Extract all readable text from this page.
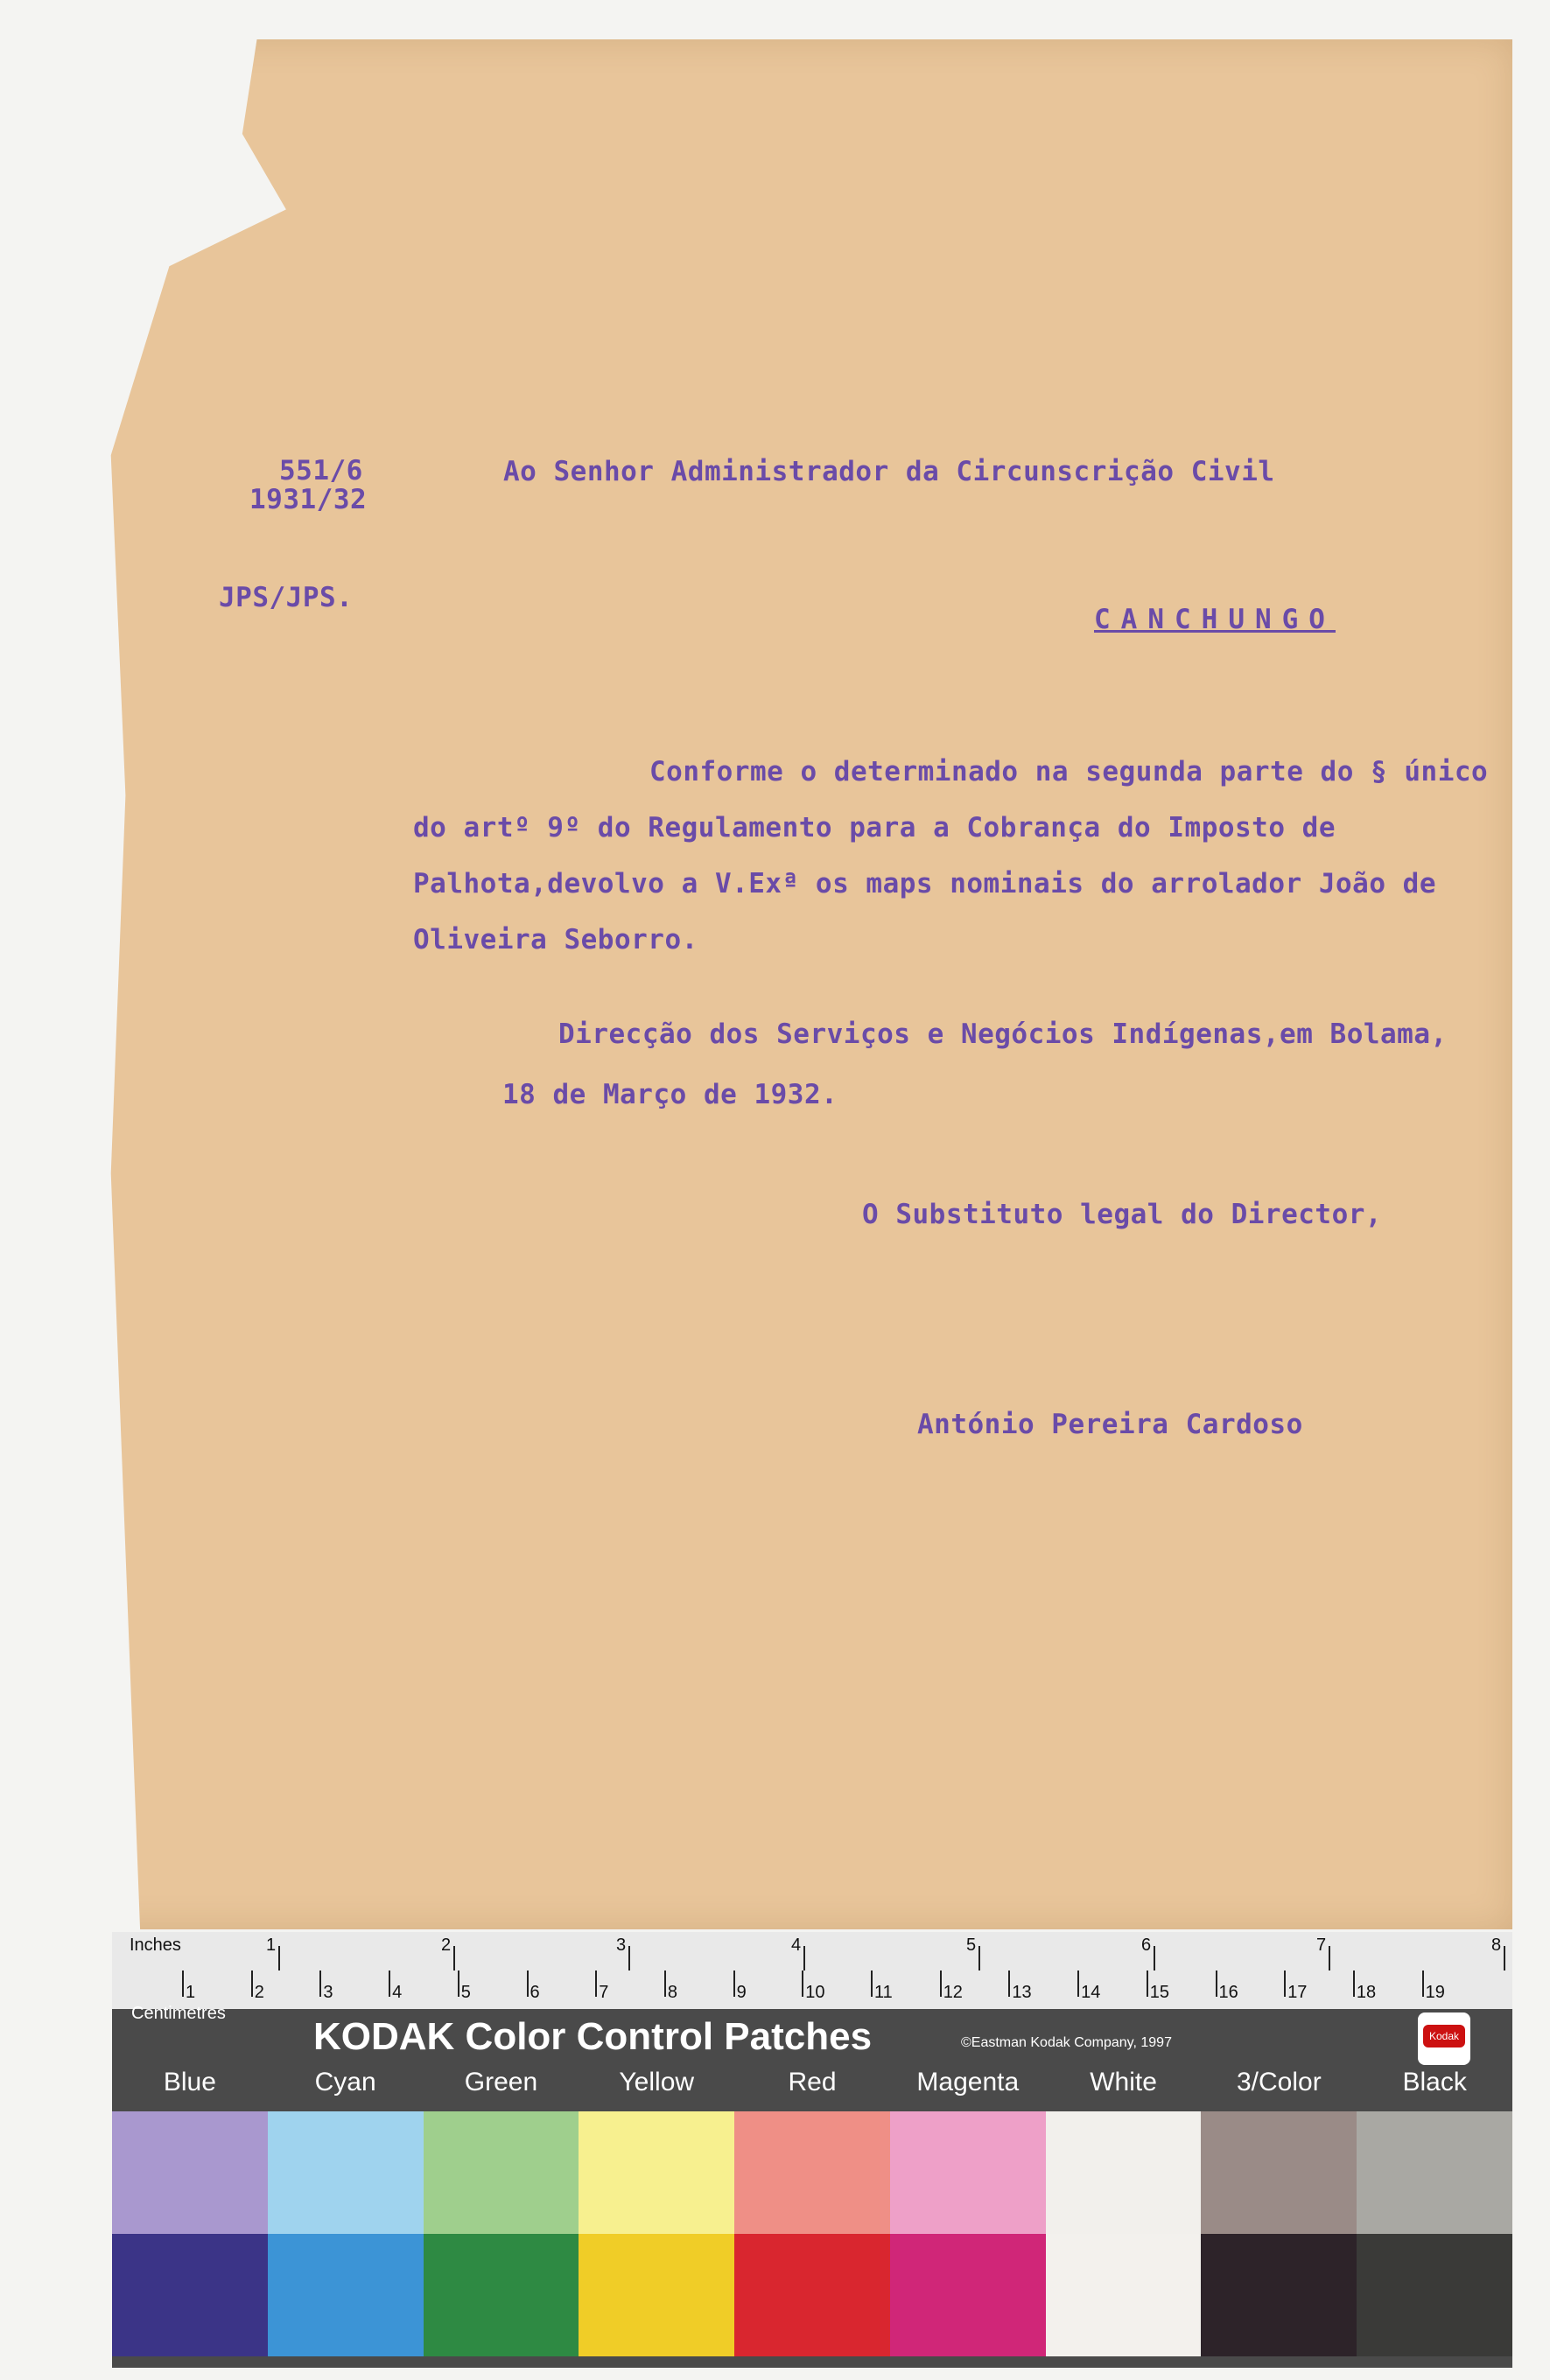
551/6
1931/32
JPS/JPS.
Ao Senhor Administrador da Circunscrição Civil
CANCHUNGO
Conforme o determinado na segunda parte do § único do artº 9º do Regulamento para a Cobrança do Imposto de Palhota,devolvo a V.Exª os maps nominais do arrolador João de Oliveira Seborro.
Direcção dos Serviços e Negócios Indígenas,em Bolama,
18 de Março de 1932.
O Substituto legal do Director,
António Pereira Cardoso
Inches	1	2	3	4	5	6	7	8
1	2	3	4	5	6	7	8	9	10	11	12	13	14	15	16	17	18	19
Centimetres
KODAK Color Control Patches	©Eastman Kodak Company, 1997	Kodak
Blue	Cyan	Green	Yellow	Red	Magenta	White	3/Color	Black
